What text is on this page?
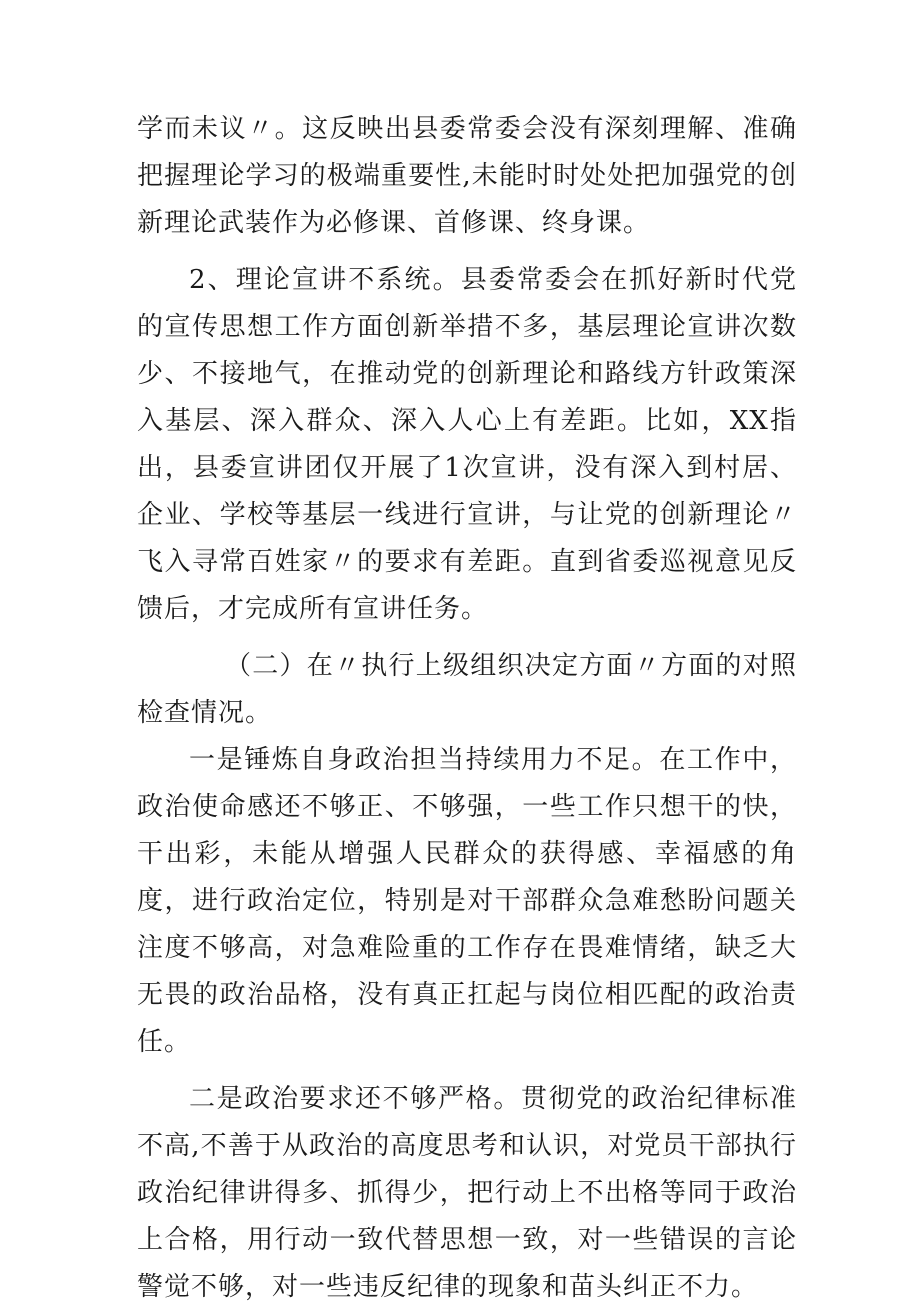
学而未议〃。这反映出县委常委会没有深刻理解、准确把握理论学习的极端重要性,未能时时处处把加强党的创新理论武装作为必修课、首修课、终身课。

2、理论宣讲不系统。县委常委会在抓好新时代党的宣传思想工作方面创新举措不多，基层理论宣讲次数少、不接地气，在推动党的创新理论和路线方针政策深入基层、深入群众、深入人心上有差距。比如，XX指出，县委宣讲团仅开展了1次宣讲，没有深入到村居、企业、学校等基层一线进行宣讲，与让党的创新理论〃飞入寻常百姓家〃的要求有差距。直到省委巡视意见反馈后，才完成所有宣讲任务。

（二）在〃执行上级组织决定方面〃方面的对照检查情况。

一是锤炼自身政治担当持续用力不足。在工作中，政治使命感还不够正、不够强，一些工作只想干的快，干出彩，未能从增强人民群众的获得感、幸福感的角度，进行政治定位，特别是对干部群众急难愁盼问题关注度不够高，对急难险重的工作存在畏难情绪，缺乏大无畏的政治品格，没有真正扛起与岗位相匹配的政治责任。

二是政治要求还不够严格。贯彻党的政治纪律标准不高,不善于从政治的高度思考和认识，对党员干部执行政治纪律讲得多、抓得少，把行动上不出格等同于政治上合格，用行动一致代替思想一致，对一些错误的言论警觉不够，对一些违反纪律的现象和苗头纠正不力。
